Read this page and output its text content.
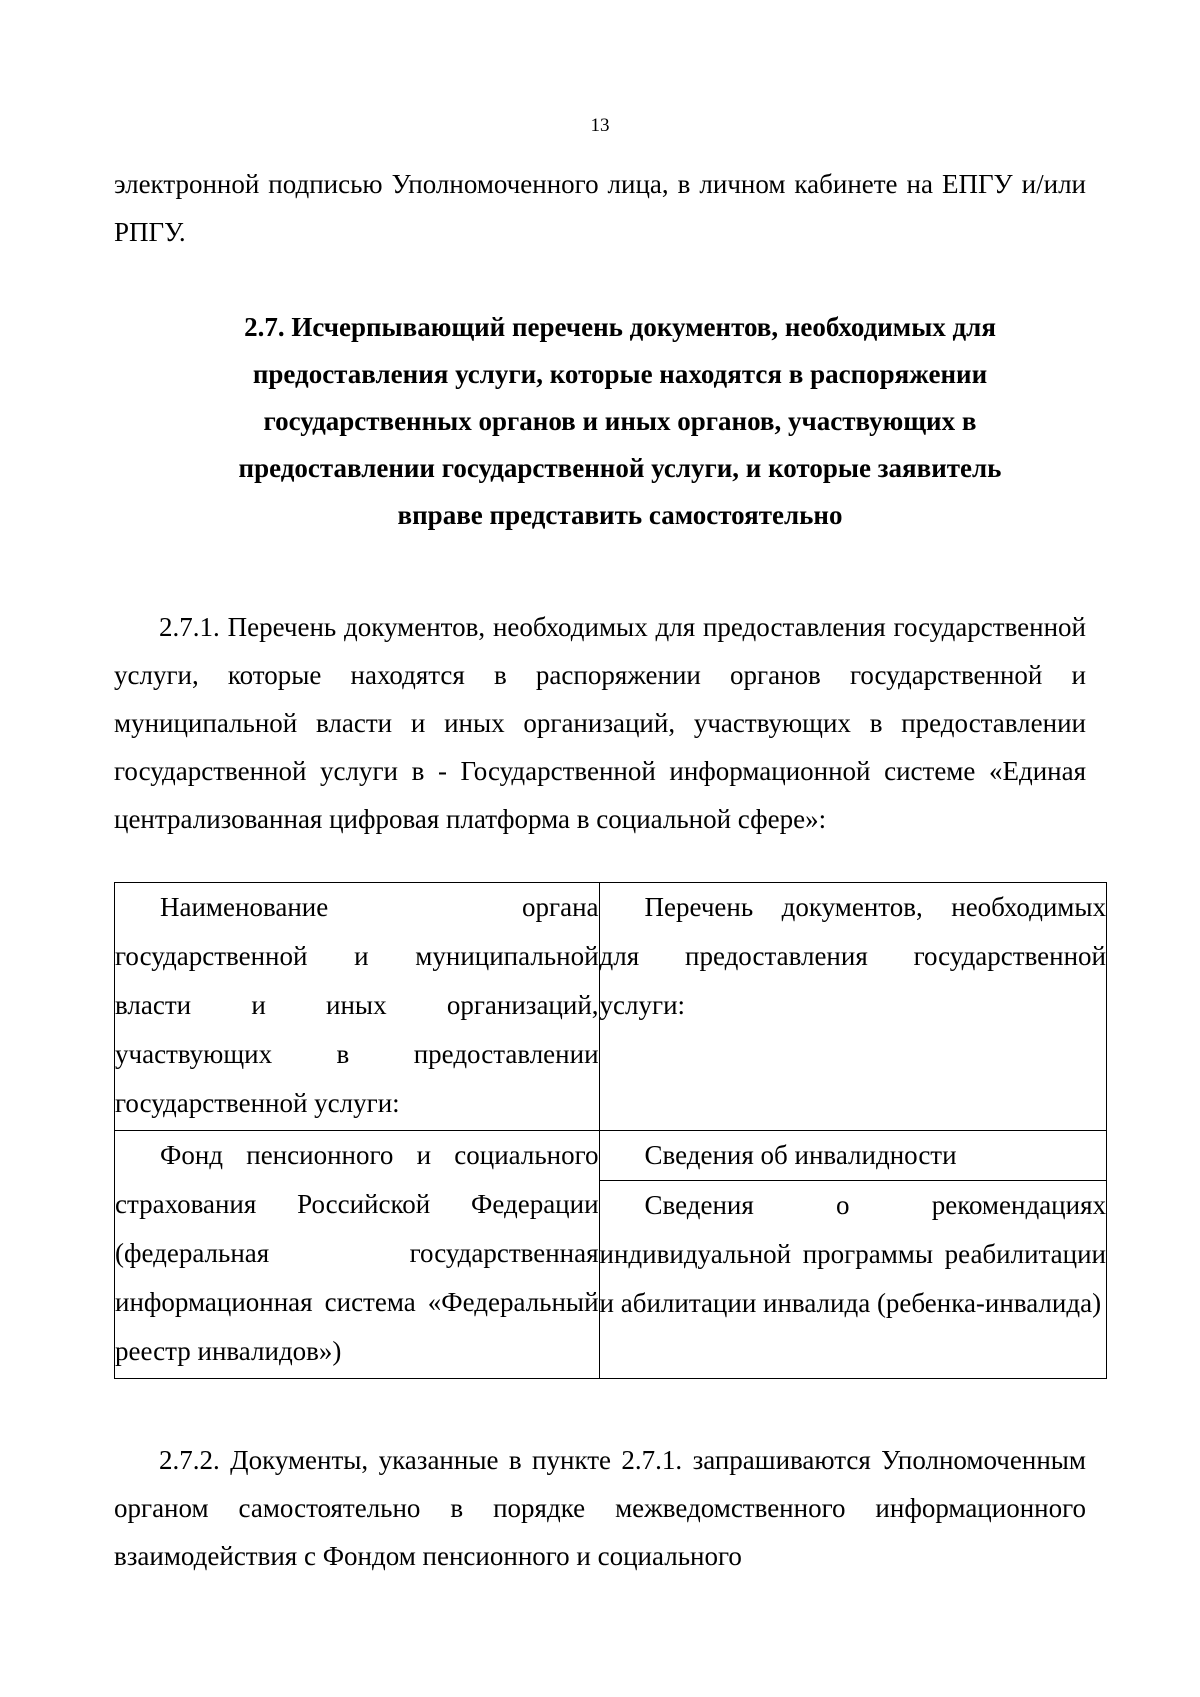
13

электронной подписью Уполномоченного лица, в личном кабинете на ЕПГУ и/или РПГУ.

2.7. Исчерпывающий перечень документов, необходимых для
предоставления услуги, которые находятся в распоряжении
государственных органов и иных органов, участвующих в
предоставлении государственной услуги, и которые заявитель
вправе представить самостоятельно

2.7.1. Перечень документов, необходимых для предоставления государственной услуги, которые находятся в распоряжении органов государственной и муниципальной власти и иных организаций, участвующих в предоставлении государственной услуги в - Государственной информационной системе «Единая централизованная цифровая платформа в социальной сфере»:

Наименование органа государственной и муниципальной власти и иных организаций, участвующих в предоставлении государственной услуги:	Перечень документов, необходимых для предоставления государственной услуги:

Фонд пенсионного и социального страхования Российской Федерации (федеральная государственная информационная система «Федеральный реестр инвалидов»)	Сведения об инвалидности
Сведения о рекомендациях индивидуальной программы реабилитации и абилитации инвалида (ребенка-инвалида)

2.7.2. Документы, указанные в пункте 2.7.1. запрашиваются Уполномоченным органом самостоятельно в порядке межведомственного информационного взаимодействия с Фондом пенсионного и социального
